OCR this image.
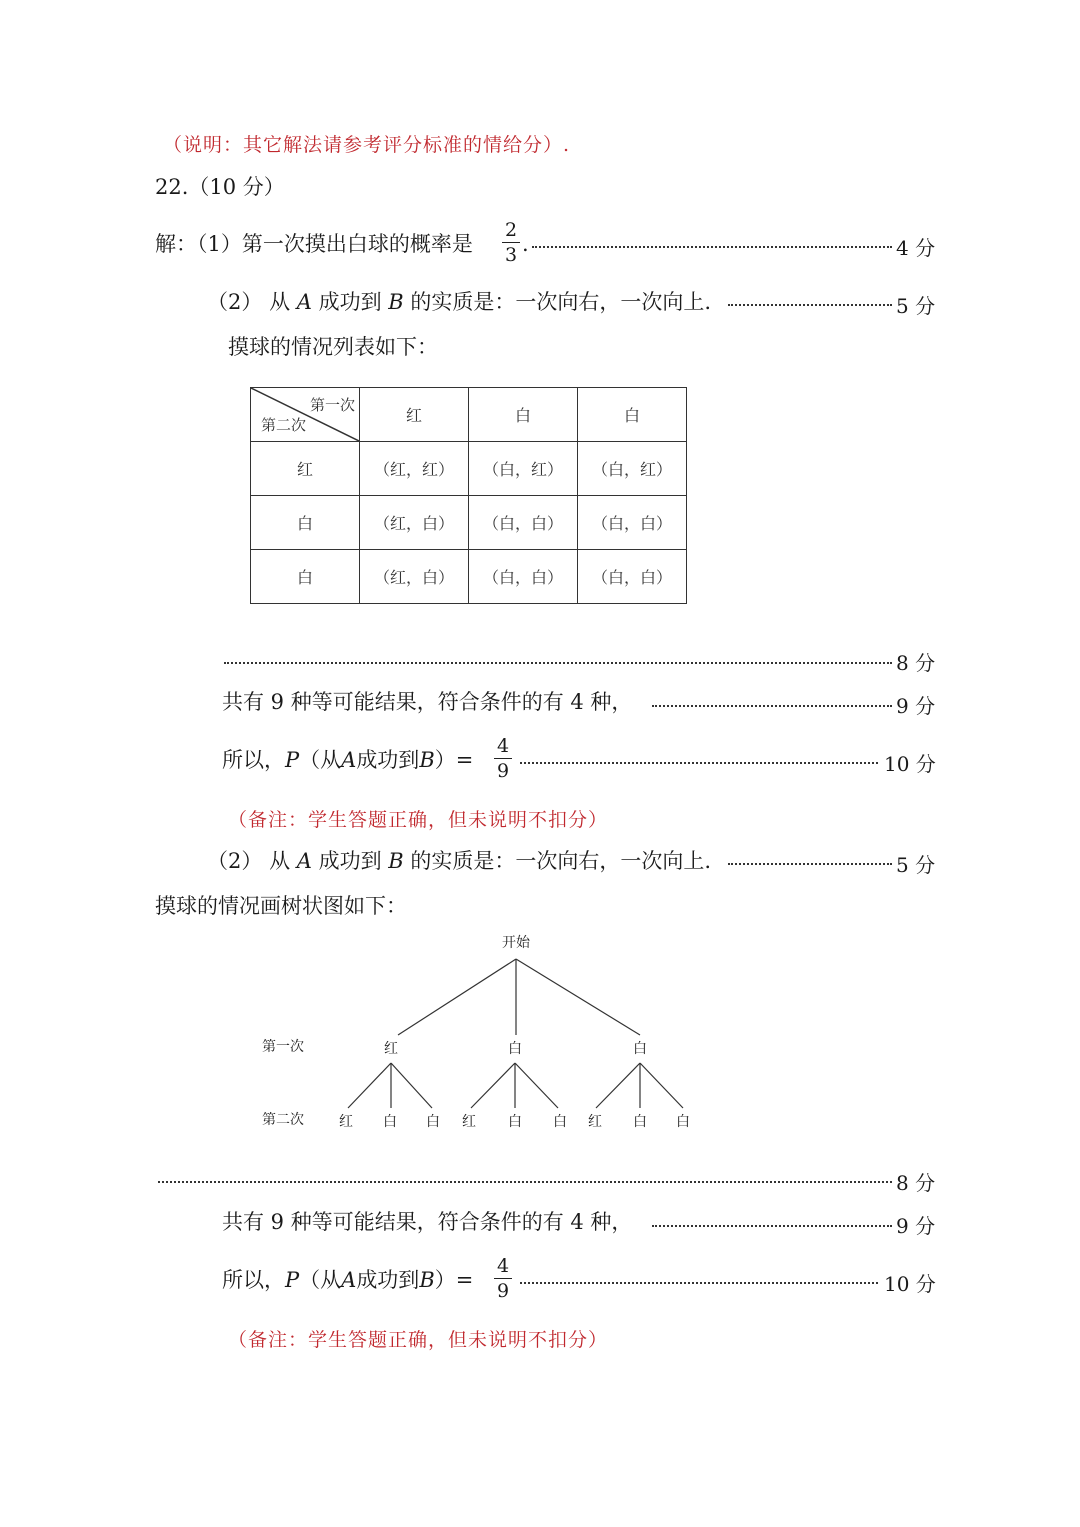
（说明：其它解法请参考评分标准的情给分）.
22.（10 分）
解：（1）第一次摸出白球的概率是
2
3 .	4 分
（2） 从 A 成功到 B 的实质是：一次向右，一次向上.	5 分
摸球的情况列表如下：
第一次
第二次	红	白	白
红	（红，红）	（白，红）	（白，红）
白	（红，白）	（白，白）	（白，白）
白	（红，白）	（白，白）	（白，白）
8 分
共有 9 种等可能结果，符合条件的有 4 种，	9 分
所以，P（从A成功到B）=
4
9	10 分
（备注：学生答题正确，但未说明不扣分）
（2） 从 A 成功到 B 的实质是：一次向右，一次向上.	5 分
摸球的情况画树状图如下：
开始
第一次
第二次
红	白	白
红 白 白 红 白 白 红 白 白
8 分
共有 9 种等可能结果，符合条件的有 4 种，	9 分
所以，P（从A成功到B）=
4
9	10 分
（备注：学生答题正确，但未说明不扣分）
